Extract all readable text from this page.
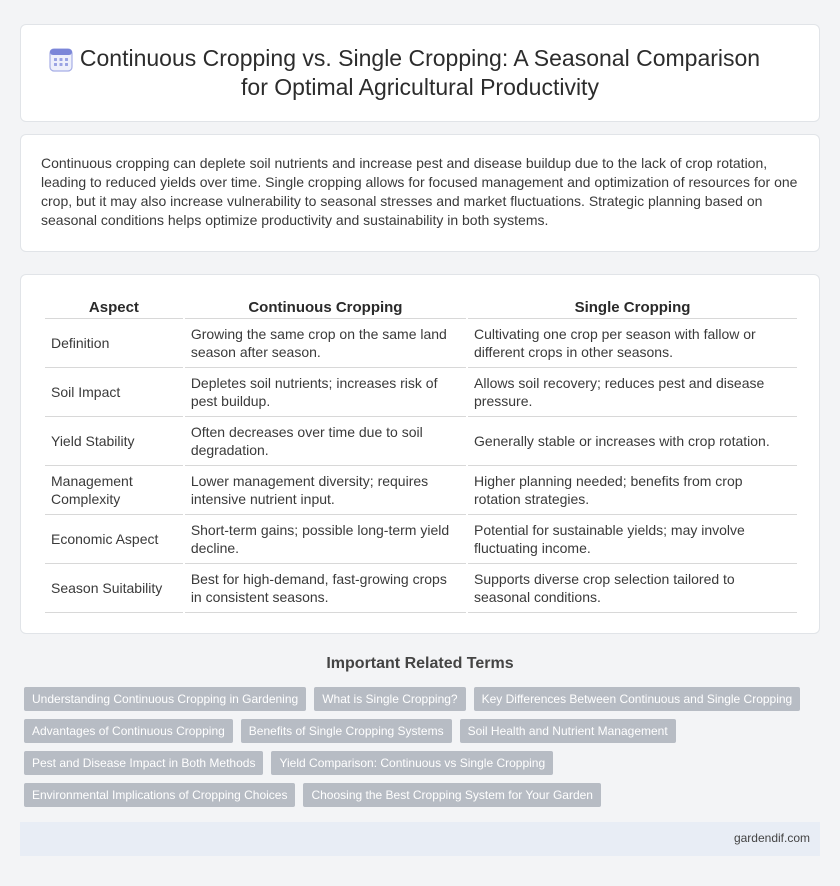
Continuous Cropping vs. Single Cropping: A Seasonal Comparison
for Optimal Agricultural Productivity

Continuous cropping can deplete soil nutrients and increase pest and disease buildup due to the lack of crop rotation, leading to reduced yields over time. Single cropping allows for focused management and optimization of resources for one crop, but it may also increase vulnerability to seasonal stresses and market fluctuations. Strategic planning based on seasonal conditions helps optimize productivity and sustainability in both systems.

Aspect	Continuous Cropping	Single Cropping
Definition	Growing the same crop on the same land season after season.	Cultivating one crop per season with fallow or different crops in other seasons.
Soil Impact	Depletes soil nutrients; increases risk of pest buildup.	Allows soil recovery; reduces pest and disease pressure.
Yield Stability	Often decreases over time due to soil degradation.	Generally stable or increases with crop rotation.
Management Complexity	Lower management diversity; requires intensive nutrient input.	Higher planning needed; benefits from crop rotation strategies.
Economic Aspect	Short-term gains; possible long-term yield decline.	Potential for sustainable yields; may involve fluctuating income.
Season Suitability	Best for high-demand, fast-growing crops in consistent seasons.	Supports diverse crop selection tailored to seasonal conditions.
Important Related Terms
Understanding Continuous Cropping in Gardening	What is Single Cropping?	Key Differences Between Continuous and Single Cropping
Advantages of Continuous Cropping	Benefits of Single Cropping Systems	Soil Health and Nutrient Management
Pest and Disease Impact in Both Methods	Yield Comparison: Continuous vs Single Cropping
Environmental Implications of Cropping Choices	Choosing the Best Cropping System for Your Garden
gardendif.com
